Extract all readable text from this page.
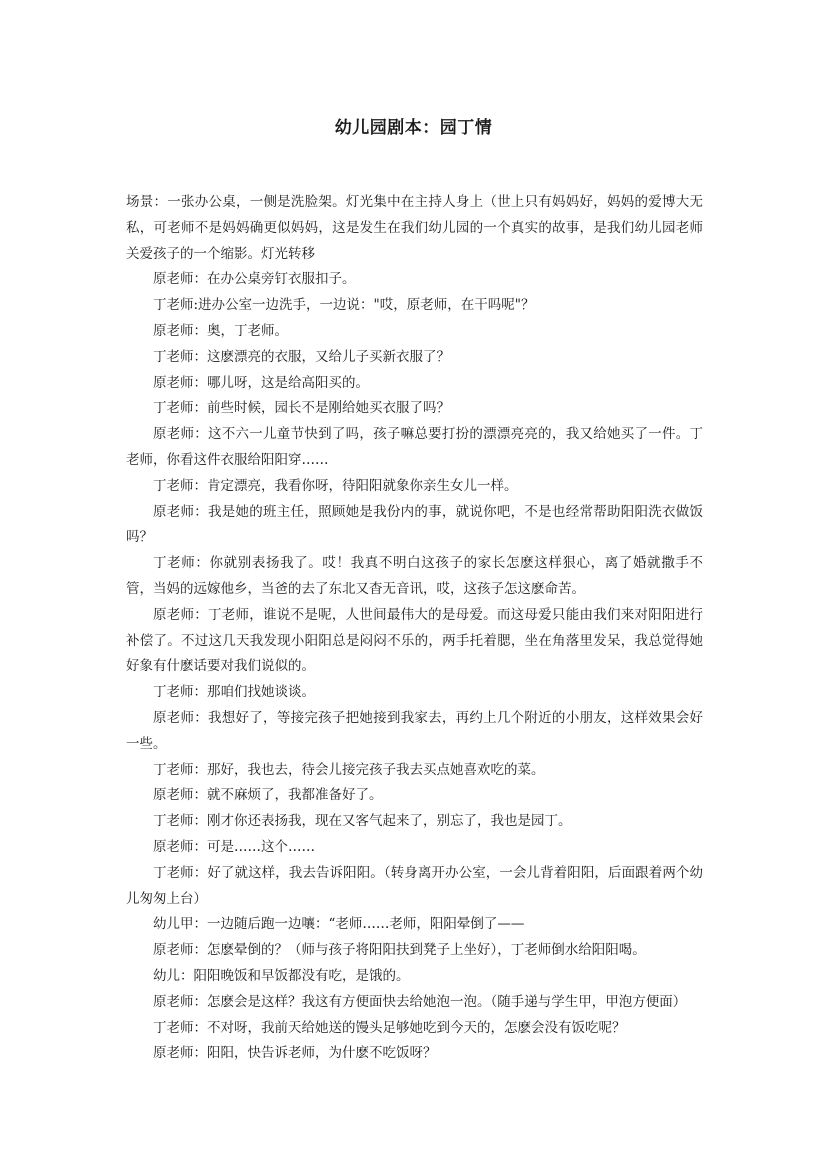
幼儿园剧本：园丁情

场景：一张办公桌，一侧是洗脸架。灯光集中在主持人身上（世上只有妈妈好，妈妈的爱博大无私，可老师不是妈妈确更似妈妈，这是发生在我们幼儿园的一个真实的故事，是我们幼儿园老师关爱孩子的一个缩影。灯光转移

原老师：在办公桌旁钉衣服扣子。

丁老师:进办公室一边洗手，一边说："哎，原老师，在干吗呢"？

原老师：奥，丁老师。

丁老师：这麽漂亮的衣服，又给儿子买新衣服了？

原老师：哪儿呀，这是给高阳买的。

丁老师：前些时候，园长不是刚给她买衣服了吗？

原老师：这不六一儿童节快到了吗，孩子嘛总要打扮的漂漂亮亮的，我又给她买了一件。丁老师，你看这件衣服给阳阳穿……

丁老师：肯定漂亮，我看你呀，待阳阳就象你亲生女儿一样。

原老师：我是她的班主任，照顾她是我份内的事，就说你吧，不是也经常帮助阳阳洗衣做饭吗？

丁老师：你就别表扬我了。哎！我真不明白这孩子的家长怎麽这样狠心，离了婚就撒手不管，当妈的远嫁他乡，当爸的去了东北又杳无音讯，哎，这孩子怎这麽命苦。

原老师：丁老师，谁说不是呢，人世间最伟大的是母爱。而这母爱只能由我们来对阳阳进行补偿了。不过这几天我发现小阳阳总是闷闷不乐的，两手托着腮，坐在角落里发呆，我总觉得她好象有什麽话要对我们说似的。

丁老师：那咱们找她谈谈。

原老师：我想好了，等接完孩子把她接到我家去，再约上几个附近的小朋友，这样效果会好一些。

丁老师：那好，我也去，待会儿接完孩子我去买点她喜欢吃的菜。

原老师：就不麻烦了，我都准备好了。

丁老师：刚才你还表扬我，现在又客气起来了，别忘了，我也是园丁。

原老师：可是……这个……

丁老师：好了就这样，我去告诉阳阳。（转身离开办公室，一会儿背着阳阳，后面跟着两个幼儿匆匆上台）

幼儿甲：一边随后跑一边嚷：“老师……老师，阳阳晕倒了——

原老师：怎麽晕倒的？（师与孩子将阳阳扶到凳子上坐好），丁老师倒水给阳阳喝。

幼儿：阳阳晚饭和早饭都没有吃，是饿的。

原老师：怎麽会是这样？我这有方便面快去给她泡一泡。（随手递与学生甲，甲泡方便面）

丁老师：不对呀，我前天给她送的馒头足够她吃到今天的，怎麽会没有饭吃呢？

原老师：阳阳，快告诉老师，为什麽不吃饭呀？
